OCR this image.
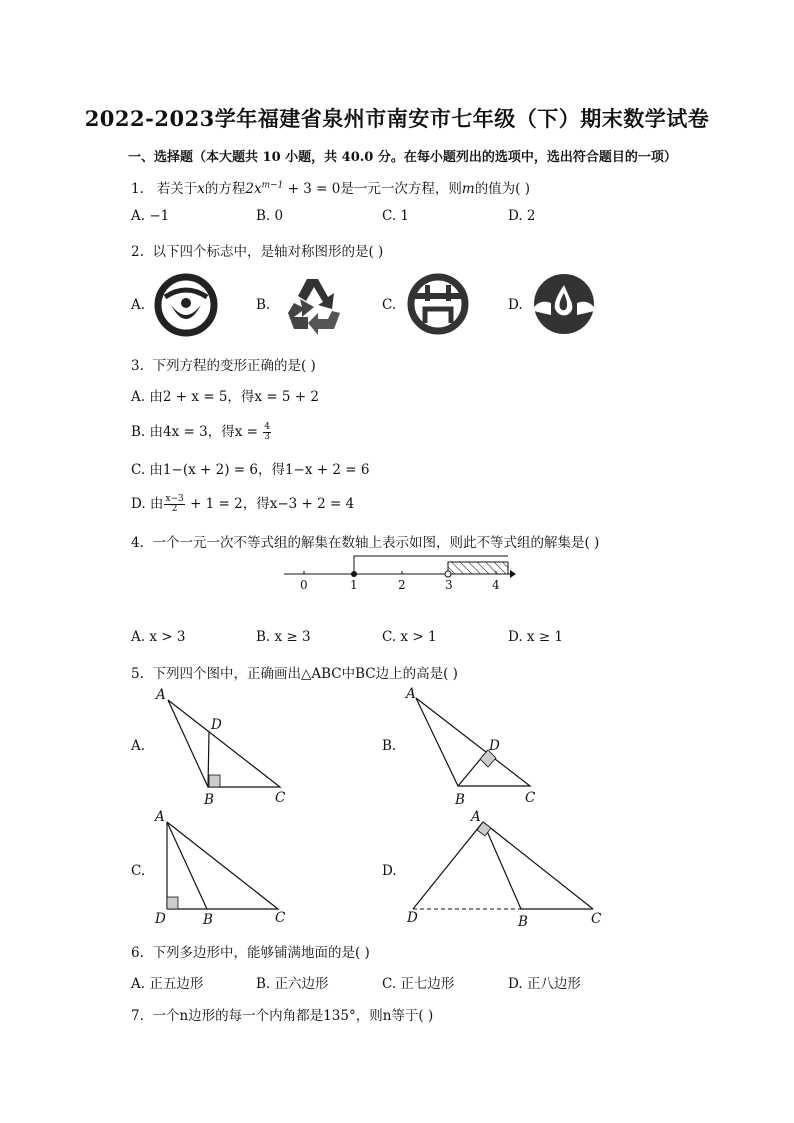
2022-2023学年福建省泉州市南安市七年级（下）期末数学试卷
一、选择题（本大题共 10 小题，共 40.0 分。在每小题列出的选项中，选出符合题目的一项）
1. 若关于x的方程$2x^{m-1} + 3 = 0$是一元一次方程，则m的值为( )
A. −1	B. 0	C. 1	D. 2
2. 以下四个标志中，是轴对称图形的是( )
A.	B.	C.	D.
3. 下列方程的变形正确的是( )
A. 由2 + x = 5，得x = 5 + 2
B. 由4x = 3，得$x = \frac{4}{3}$
C. 由1−(x + 2) = 6，得1−x + 2 = 6
D. 由 $\frac{x-3}{2} + 1 = 2$，得x−3 + 2 = 4
4. 一个一元一次不等式组的解集在数轴上表示如图，则此不等式组的解集是( )
0	1	2	3	4
A. x > 3	B. x ≥ 3	C. x > 1	D. x ≥ 1
5. 下列四个图中，正确画出△ABC中BC边上的高是( )
A.
A
D
B	C
B.
A
D
B	C
C.
A
D	B	C
D.
A
D	B	C
6. 下列多边形中，能够铺满地面的是( )
A. 正五边形	B. 正六边形	C. 正七边形	D. 正八边形
7. 一个n边形的每一个内角都是135°，则n等于( )
